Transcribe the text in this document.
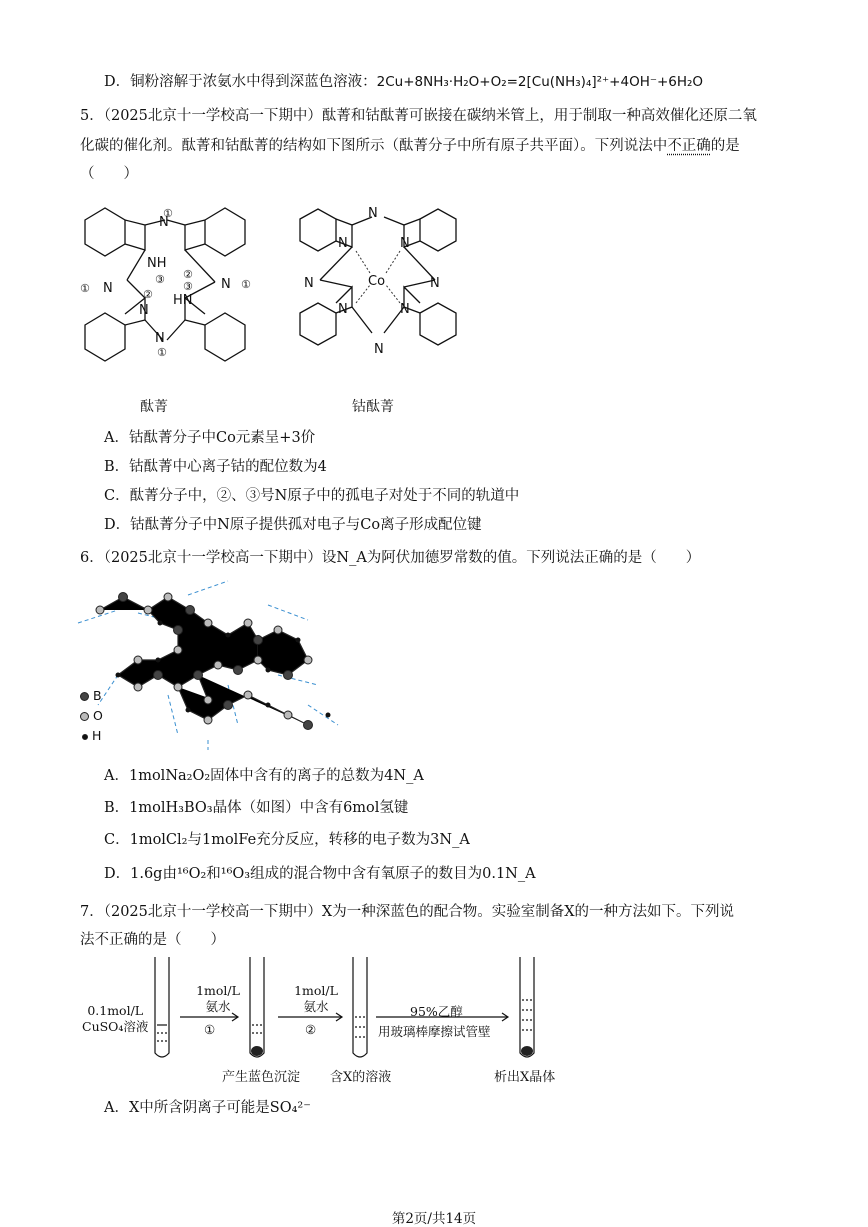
D．铜粉溶解于浓氨水中得到深蓝色溶液：2Cu+8NH₃·H₂O+O₂=2[Cu(NH₃)₄]²⁺+4OH⁻+6H₂O
5．（2025北京十一学校高一下期中）酞菁和钴酞菁可嵌接在碳纳米管上，用于制取一种高效催化还原二氧
化碳的催化剂。酞菁和钴酞菁的结构如下图所示（酞菁分子中所有原子共平面）。下列说法中不正确的是
（　　）
N
①
NH
③ ②
③
① N	②
N
HN
N ①
N
①
N
N	N
Co
N	N
N	N
N
酞菁	钴酞菁
A．钴酞菁分子中Co元素呈+3价
B．钴酞菁中心离子钴的配位数为4
C．酞菁分子中，②、③号N原子中的孤电子对处于不同的轨道中
D．钴酞菁分子中N原子提供孤对电子与Co离子形成配位键
6．（2025北京十一学校高一下期中）设N_A为阿伏加德罗常数的值。下列说法正确的是（　　）
B
O
H
A．1molNa₂O₂固体中含有的离子的总数为4N_A
B．1molH₃BO₃晶体（如图）中含有6mol氢键
C．1molCl₂与1molFe充分反应，转移的电子数为3N_A
D．1.6g由¹⁶O₂和¹⁶O₃组成的混合物中含有氧原子的数目为0.1N_A
7．（2025北京十一学校高一下期中）X为一种深蓝色的配合物。实验室制备X的一种方法如下。下列说
法不正确的是（　　）
0.1mol/L
CuSO₄溶液
1mol/L
氨水
①
1mol/L
氨水
②
95%乙醇
用玻璃棒摩擦试管壁
产生蓝色沉淀 含X的溶液	析出X晶体
A．X中所含阴离子可能是SO₄²⁻
第2页/共14页
